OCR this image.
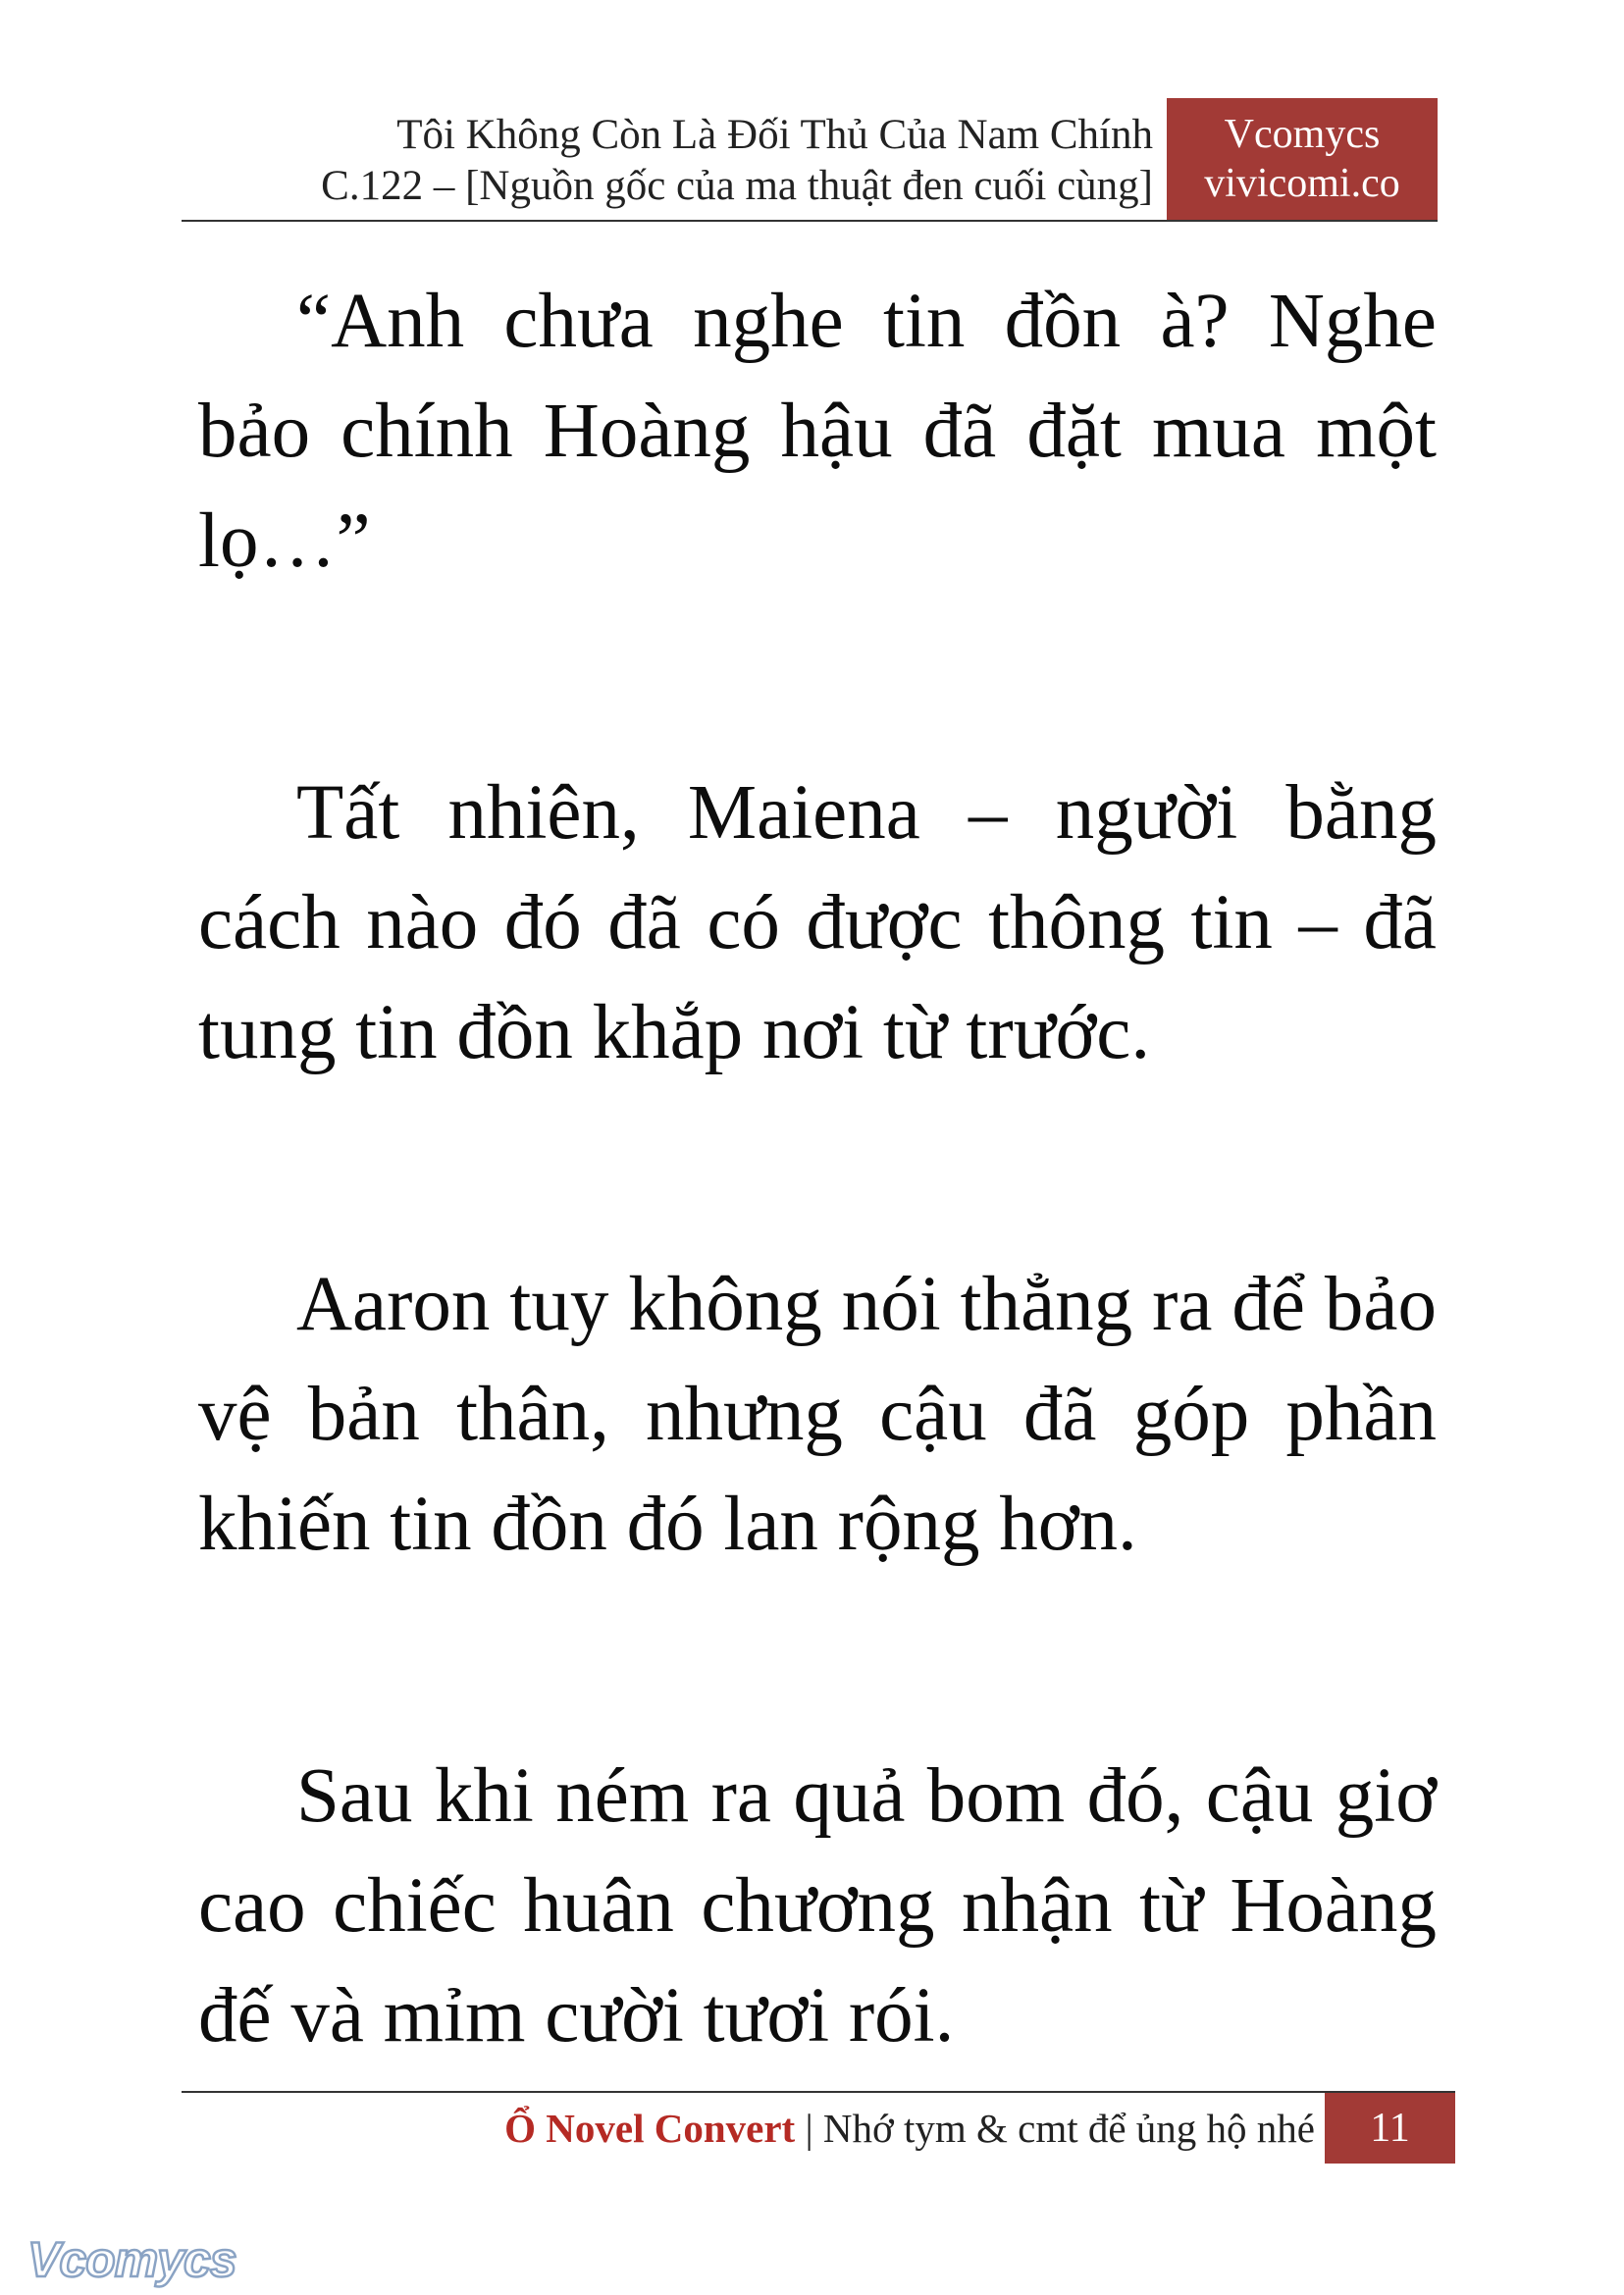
Tôi Không Còn Là Đối Thủ Của Nam Chính
C.122 – [Nguồn gốc của ma thuật đen cuối cùng]
Vcomycs
vivicomi.co

“Anh chưa nghe tin đồn à? Nghe bảo chính Hoàng hậu đã đặt mua một lọ…”

Tất nhiên, Maiena – người bằng cách nào đó đã có được thông tin – đã tung tin đồn khắp nơi từ trước.

Aaron tuy không nói thẳng ra để bảo vệ bản thân, nhưng cậu đã góp phần khiến tin đồn đó lan rộng hơn.

Sau khi ném ra quả bom đó, cậu giơ cao chiếc huân chương nhận từ Hoàng đế và mỉm cười tươi rói.

Ổ Novel Convert | Nhớ tym & cmt để ủng hộ nhé	11
Vcomycs
